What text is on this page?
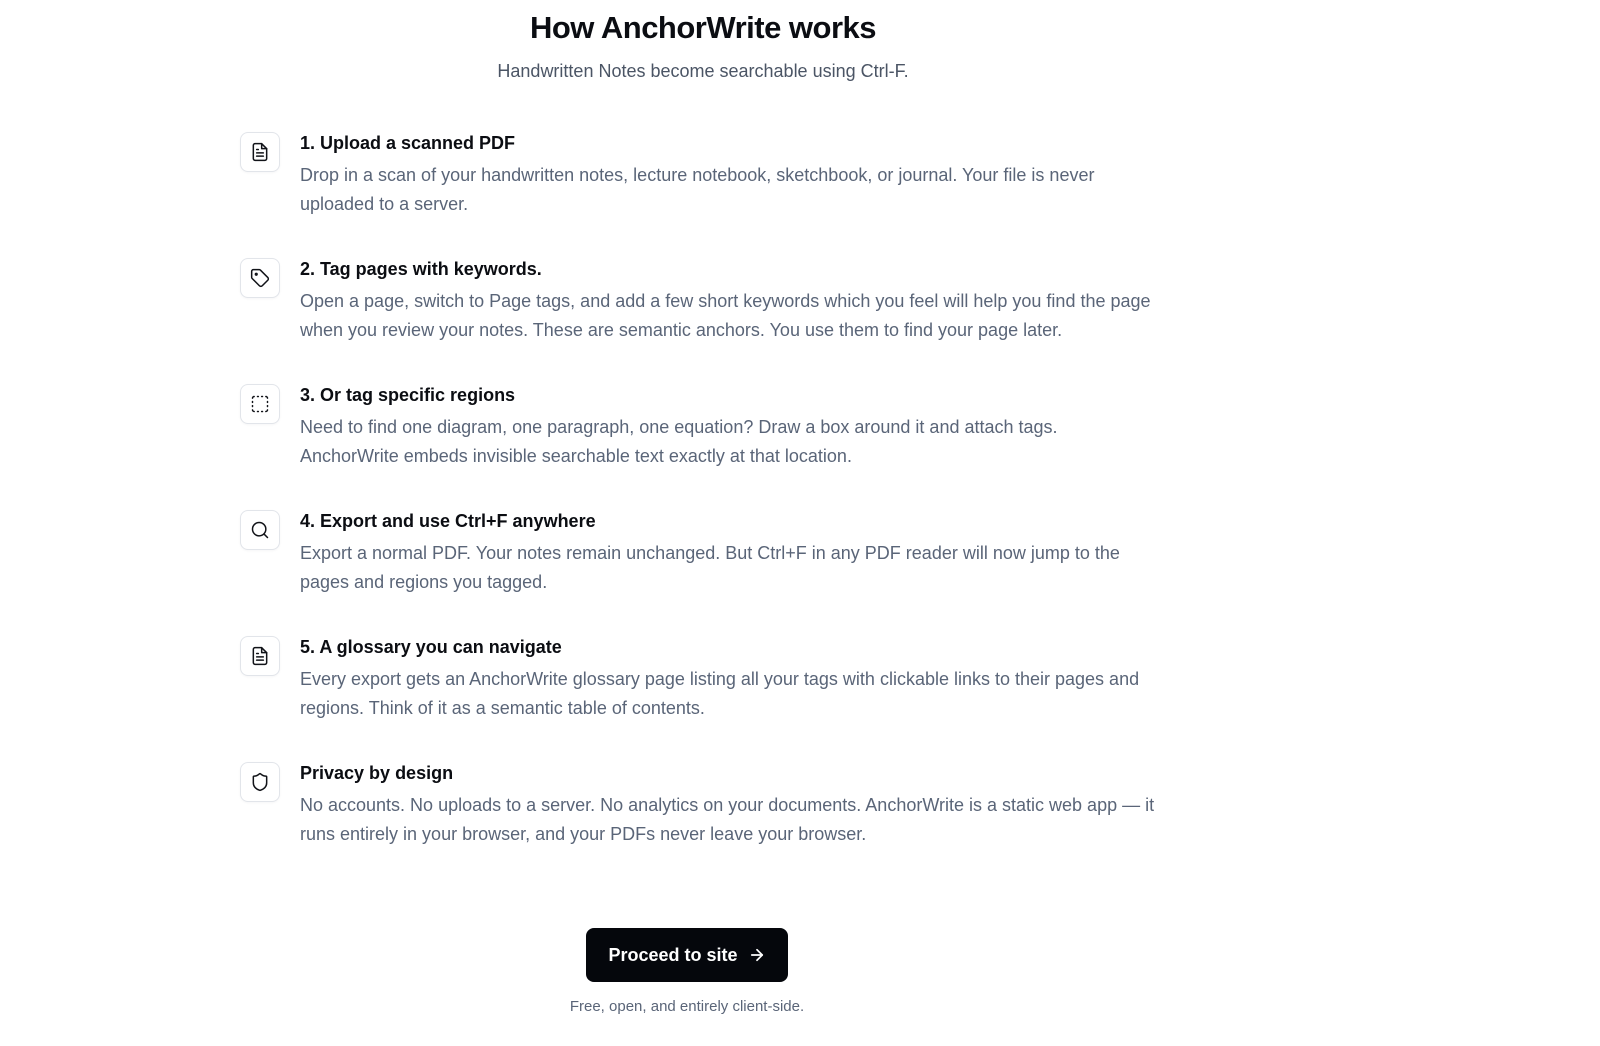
How AnchorWrite works

Handwritten Notes become searchable using Ctrl-F.

1. Upload a scanned PDF

Drop in a scan of your handwritten notes, lecture notebook, sketchbook, or journal. Your file is never uploaded to a server.

2. Tag pages with keywords.

Open a page, switch to Page tags, and add a few short keywords which you feel will help you find the page when you review your notes. These are semantic anchors. You use them to find your page later.

3. Or tag specific regions

Need to find one diagram, one paragraph, one equation? Draw a box around it and attach tags. AnchorWrite embeds invisible searchable text exactly at that location.

4. Export and use Ctrl+F anywhere

Export a normal PDF. Your notes remain unchanged. But Ctrl+F in any PDF reader will now jump to the pages and regions you tagged.

5. A glossary you can navigate

Every export gets an AnchorWrite glossary page listing all your tags with clickable links to their pages and regions. Think of it as a semantic table of contents.

Privacy by design

No accounts. No uploads to a server. No analytics on your documents. AnchorWrite is a static web app — it runs entirely in your browser, and your PDFs never leave your browser.

Proceed to site

Free, open, and entirely client-side.
